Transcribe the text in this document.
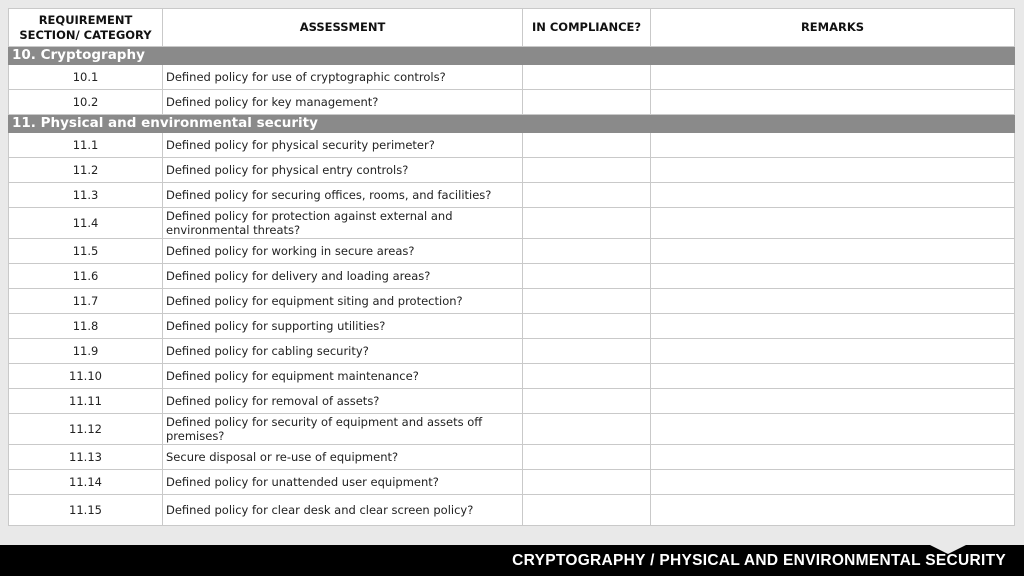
REQUIREMENT SECTION/ CATEGORY	ASSESSMENT	IN COMPLIANCE?	REMARKS
10. Cryptography			
10.1	Defined policy for use of cryptographic controls?		
10.2	Defined policy for key management?		
11. Physical and environmental security			
11.1	Defined policy for physical security perimeter?		
11.2	Defined policy for physical entry controls?		
11.3	Defined policy for securing offices, rooms, and facilities?		
11.4	Defined policy for protection against external and environmental threats?		
11.5	Defined policy for working in secure areas?		
11.6	Defined policy for delivery and loading areas?		
11.7	Defined policy for equipment siting and protection?		
11.8	Defined policy for supporting utilities?		
11.9	Defined policy for cabling security?		
11.10	Defined policy for equipment maintenance?		
11.11	Defined policy for removal of assets?		
11.12	Defined policy for security of equipment and assets off premises?		
11.13	Secure disposal or re-use of equipment?		
11.14	Defined policy for unattended user equipment?		
11.15	Defined policy for clear desk and clear screen policy?		
CRYPTOGRAPHY / PHYSICAL AND ENVIRONMENTAL SECURITY
